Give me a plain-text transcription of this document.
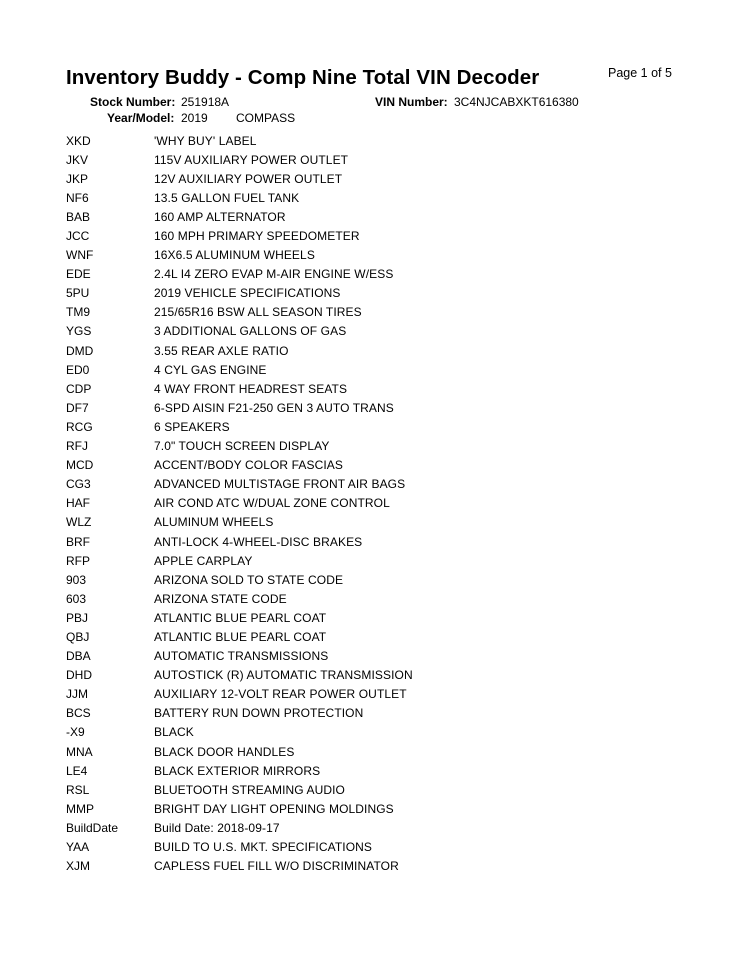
Inventory Buddy - Comp Nine Total VIN Decoder	Page 1 of 5
Stock Number: 251918A	VIN Number: 3C4NJCABXKT616380
Year/Model: 2019 COMPASS
XKD	'WHY BUY' LABEL
JKV	115V AUXILIARY POWER OUTLET
JKP	12V AUXILIARY POWER OUTLET
NF6	13.5 GALLON FUEL TANK
BAB	160 AMP ALTERNATOR
JCC	160 MPH PRIMARY SPEEDOMETER
WNF	16X6.5 ALUMINUM WHEELS
EDE	2.4L I4 ZERO EVAP M-AIR ENGINE W/ESS
5PU	2019 VEHICLE SPECIFICATIONS
TM9	215/65R16 BSW ALL SEASON TIRES
YGS	3 ADDITIONAL GALLONS OF GAS
DMD	3.55 REAR AXLE RATIO
ED0	4 CYL GAS ENGINE
CDP	4 WAY FRONT HEADREST SEATS
DF7	6-SPD AISIN F21-250 GEN 3 AUTO TRANS
RCG	6 SPEAKERS
RFJ	7.0" TOUCH SCREEN DISPLAY
MCD	ACCENT/BODY COLOR FASCIAS
CG3	ADVANCED MULTISTAGE FRONT AIR BAGS
HAF	AIR COND ATC W/DUAL ZONE CONTROL
WLZ	ALUMINUM WHEELS
BRF	ANTI-LOCK 4-WHEEL-DISC BRAKES
RFP	APPLE CARPLAY
903	ARIZONA SOLD TO STATE CODE
603	ARIZONA STATE CODE
PBJ	ATLANTIC BLUE PEARL COAT
QBJ	ATLANTIC BLUE PEARL COAT
DBA	AUTOMATIC TRANSMISSIONS
DHD	AUTOSTICK (R) AUTOMATIC TRANSMISSION
JJM	AUXILIARY 12-VOLT REAR POWER OUTLET
BCS	BATTERY RUN DOWN PROTECTION
-X9	BLACK
MNA	BLACK DOOR HANDLES
LE4	BLACK EXTERIOR MIRRORS
RSL	BLUETOOTH STREAMING AUDIO
MMP	BRIGHT DAY LIGHT OPENING MOLDINGS
BuildDate	Build Date: 2018-09-17
YAA	BUILD TO U.S. MKT. SPECIFICATIONS
XJM	CAPLESS FUEL FILL W/O DISCRIMINATOR
